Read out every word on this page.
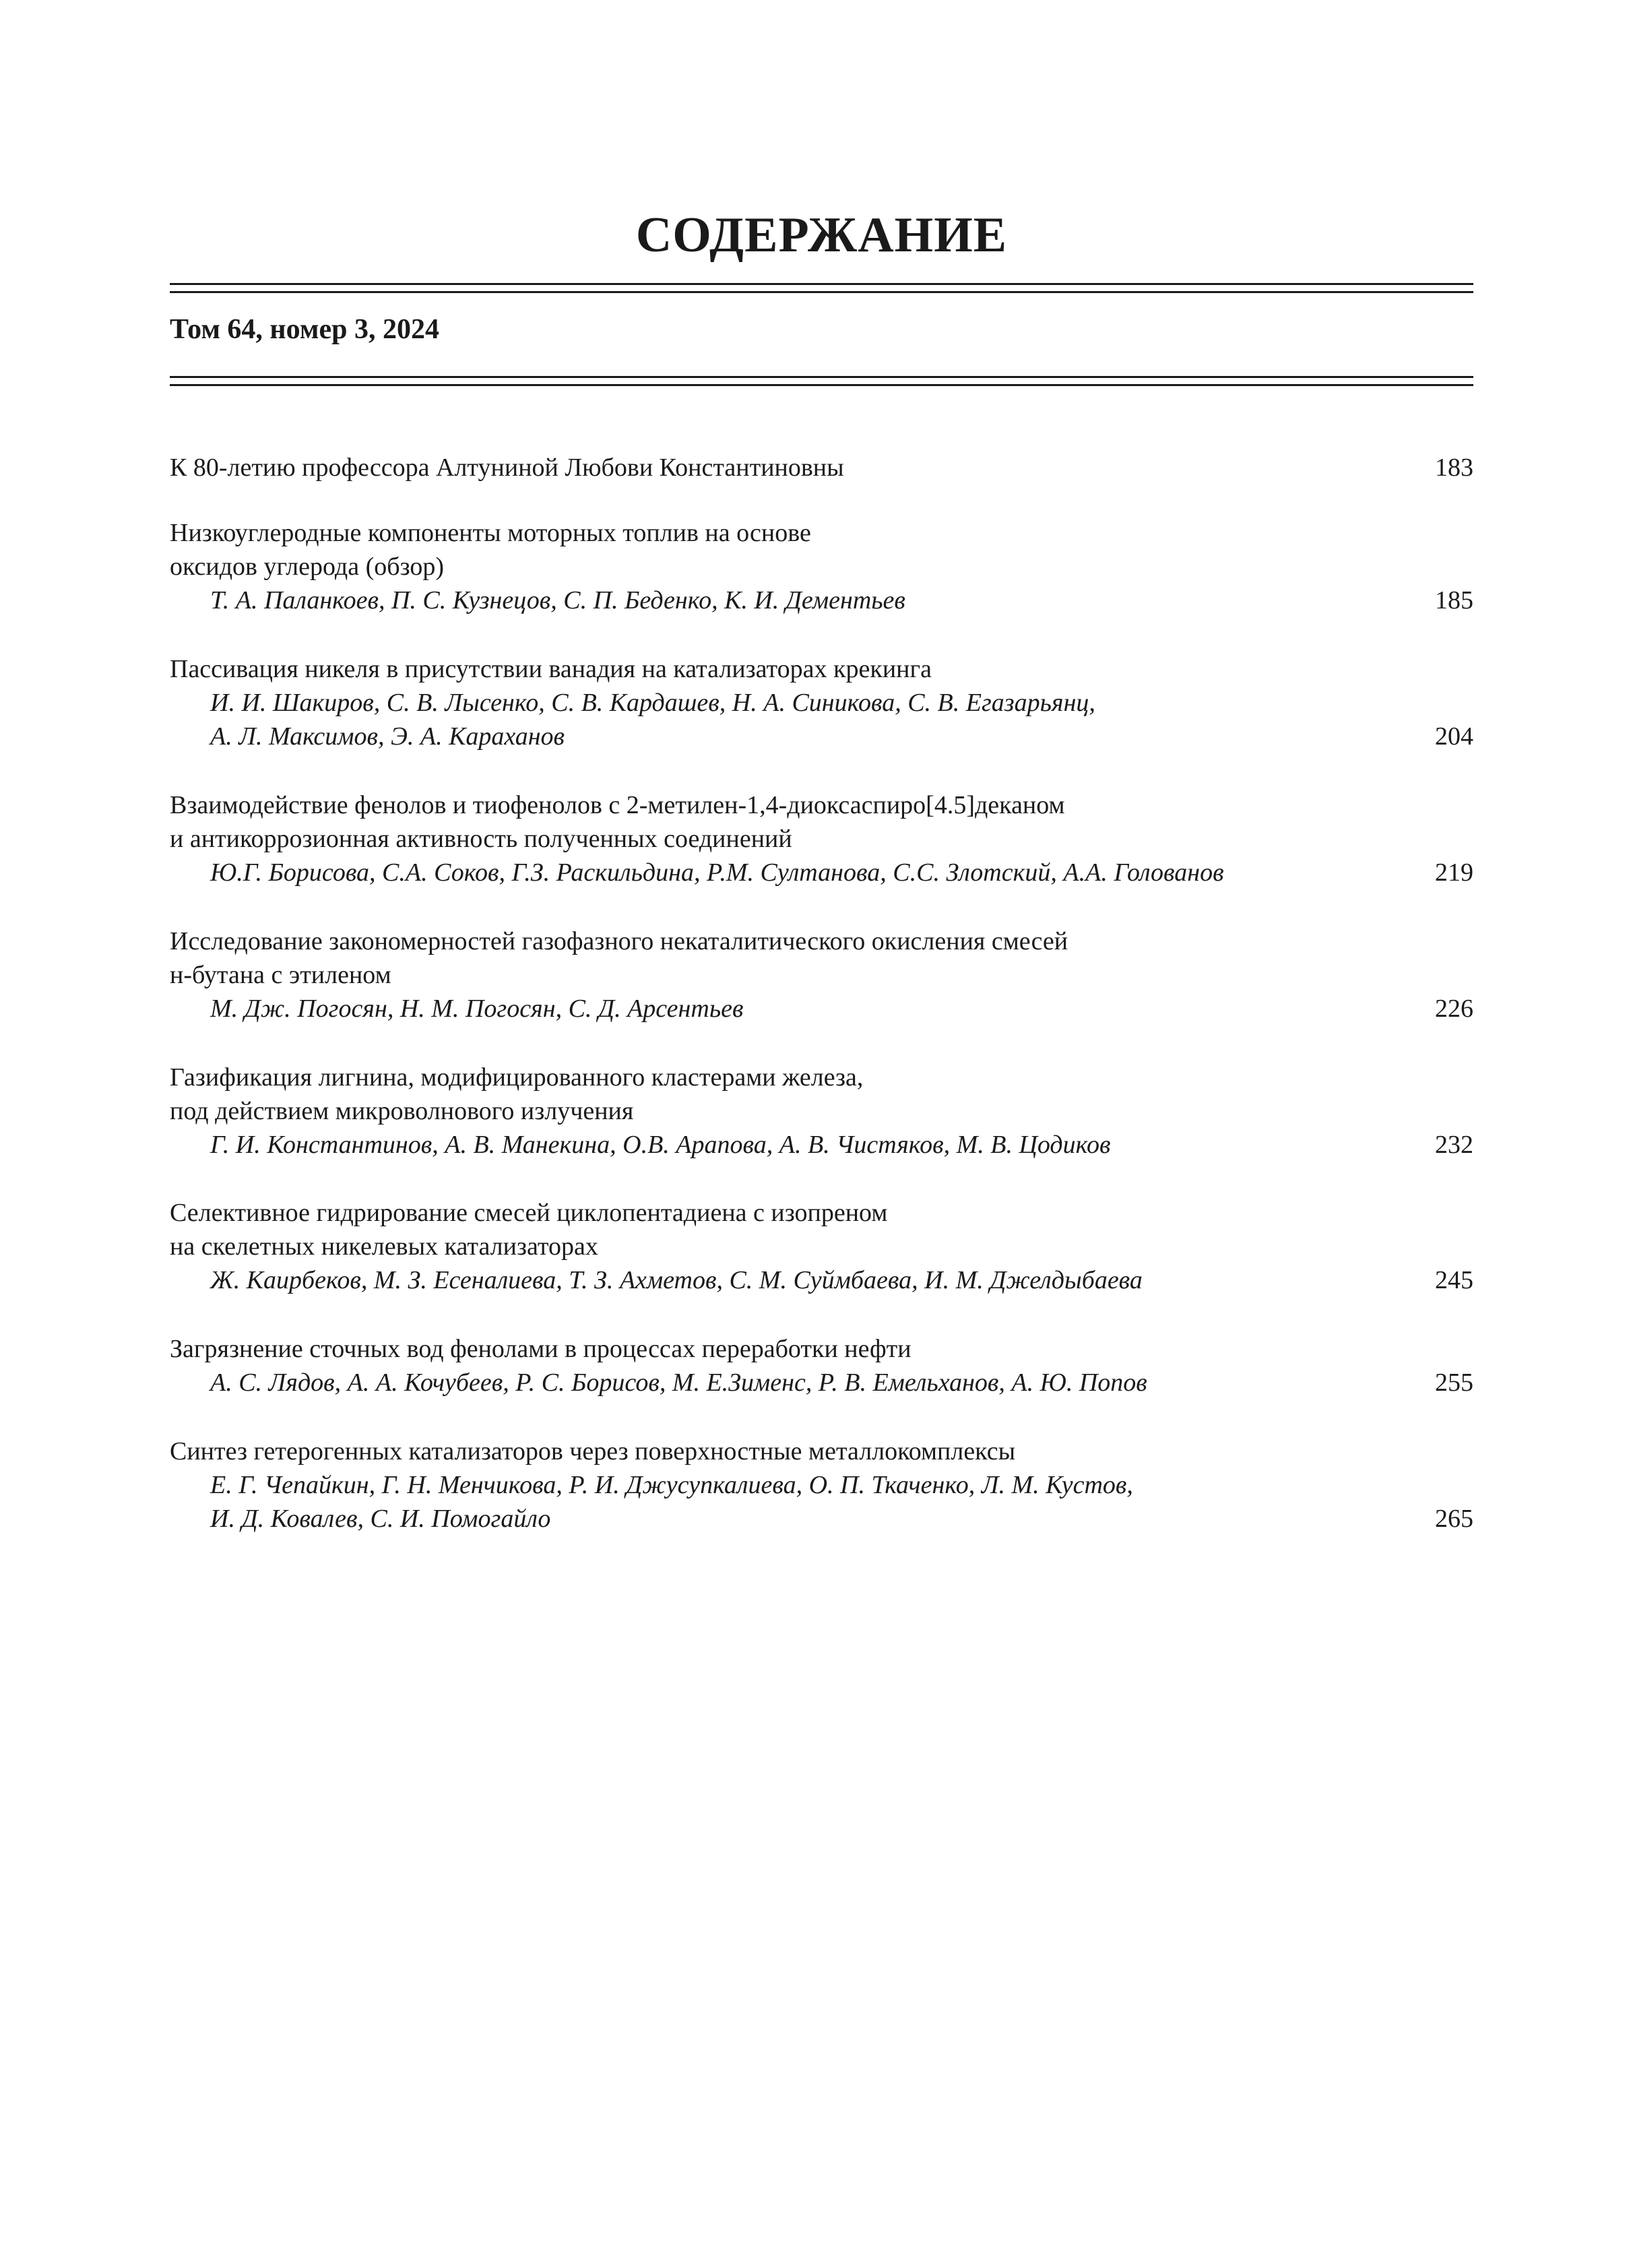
СОДЕРЖАНИЕ
Том 64, номер 3, 2024
К 80-летию профессора Алтуниной Любови Константиновны	183
Низкоуглеродные компоненты моторных топлив на основе
оксидов углерода (обзор)
Т. А. Паланкоев, П. С. Кузнецов, С. П. Беденко, К. И. Дементьев	185
Пассивация никеля в присутствии ванадия на катализаторах крекинга
И. И. Шакиров, С. В. Лысенко, С. В. Кардашев, Н. А. Синикова, С. В. Егазарьянц,
А. Л. Максимов, Э. А. Караханов	204
Взаимодействие фенолов и тиофенолов с 2-метилен-1,4-диоксаспиро[4.5]деканом
и антикоррозионная активность полученных соединений
Ю.Г. Борисова, С.А. Соков, Г.З. Раскильдина, Р.М. Султанова, С.С. Злотский, А.А. Голованов	219
Исследование закономерностей газофазного некаталитического окисления смесей
н-бутана с этиленом
М. Дж. Погосян, Н. М. Погосян, С. Д. Арсентьев	226
Газификация лигнина, модифицированного кластерами железа,
под действием микроволнового излучения
Г. И. Константинов, А. В. Манекина, О.В. Арапова, А. В. Чистяков, М. В. Цодиков	232
Селективное гидрирование смесей циклопентадиена с изопреном
на скелетных никелевых катализаторах
Ж. Каирбеков, М. З. Есеналиева, Т. З. Ахметов, С. М. Суймбаева, И. М. Джелдыбаева	245
Загрязнение сточных вод фенолами в процессах переработки нефти
А. С. Лядов, А. А. Кочубеев, Р. С. Борисов, М. Е.Зименс, Р. В. Емельханов, А. Ю. Попов	255
Синтез гетерогенных катализаторов через поверхностные металлокомплексы
Е. Г. Чепайкин, Г. Н. Менчикова, Р. И. Джусупкалиева, О. П. Ткаченко, Л. М. Кустов,
И. Д. Ковалев, С. И. Помогайло	265
